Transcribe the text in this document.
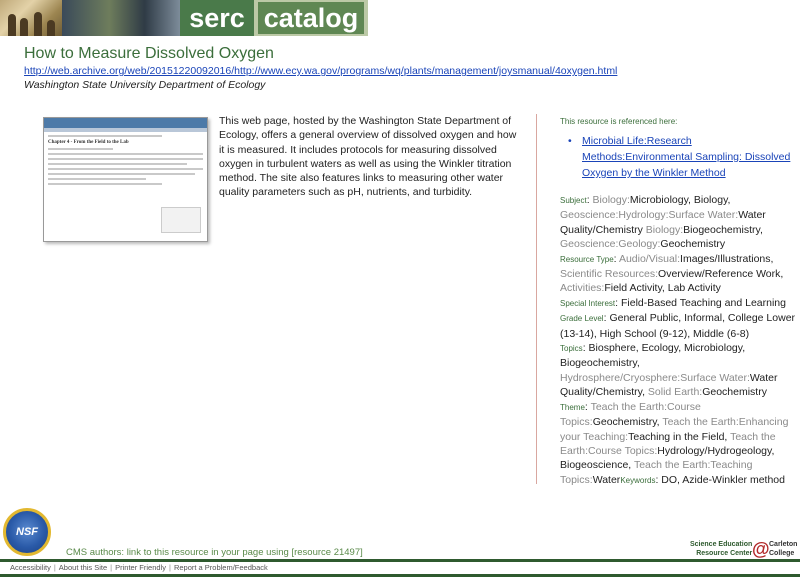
serc catalog
How to Measure Dissolved Oxygen
http://web.archive.org/web/20151220092016/http://www.ecy.wa.gov/programs/wq/plants/management/joysmanual/4oxygen.html
Washington State University Department of Ecology
Chapter 4 - From the Field to the Lab
This web page, hosted by the Washington State Department of Ecology, offers a general overview of dissolved oxygen and how it is measured. It includes protocols for measuring dissolved oxygen in turbulent waters as well as using the Winkler titration method. The site also features links to measuring other water quality parameters such as pH, nutrients, and turbidity.
This resource is referenced here:
• Microbial Life:Research Methods:Environmental Sampling: Dissolved Oxygen by the Winkler Method

Subject: Biology:Microbiology, Biology, Geoscience:Hydrology:Surface Water:Water Quality/Chemistry Biology:Biogeochemistry, Geoscience:Geology:Geochemistry

Resource Type: Audio/Visual:Images/Illustrations, Scientific Resources:Overview/Reference Work, Activities:Field Activity, Lab Activity

Special Interest: Field-Based Teaching and Learning

Grade Level: General Public, Informal, College Lower (13-14), High School (9-12), Middle (6-8)

Topics: Biosphere, Ecology, Microbiology, Biogeochemistry, Hydrosphere/Cryosphere:Surface Water:Water Quality/Chemistry, Solid Earth:Geochemistry

Theme: Teach the Earth:Course Topics:Geochemistry, Teach the Earth:Enhancing your Teaching:Teaching in the Field, Teach the Earth:Course Topics:Hydrology/Hydrogeology, Biogeoscience, Teach the Earth:Teaching Topics:WaterKeywords: DO, Azide-Winkler method

NSF
CMS authors: link to this resource in your page using [resource 21497]
Science Education
Resource Center @ Carleton
College
Accessibility | About this Site | Printer Friendly | Report a Problem/Feedback
